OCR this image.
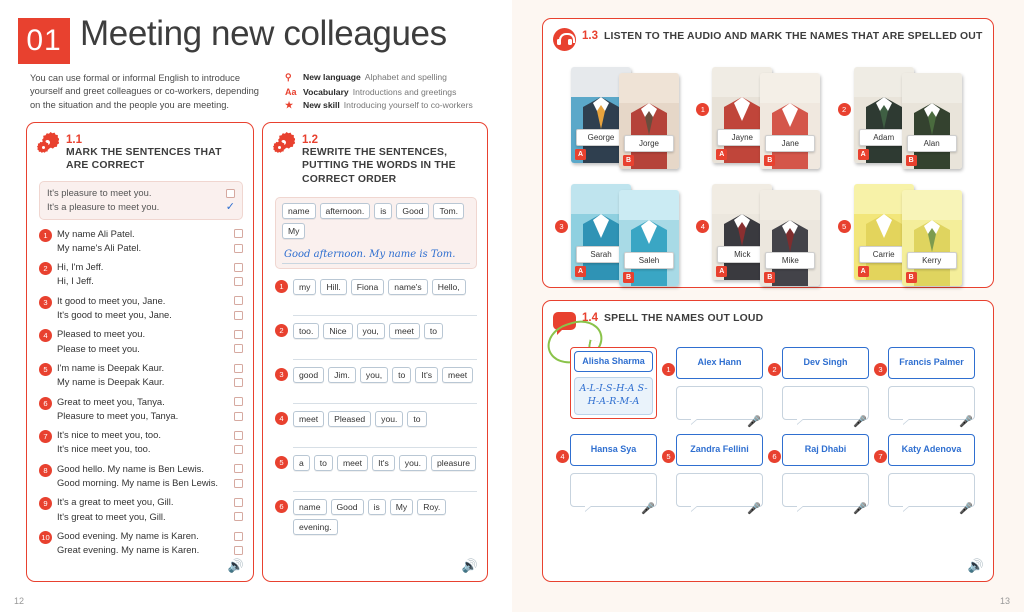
01 Meeting new colleagues
You can use formal or informal English to introduce yourself and greet colleagues or co-workers, depending on the situation and the people you are meeting.
⚲	New language Alphabet and spelling
Aa Vocabulary Introductions and greetings
★	New skill Introducing yourself to co-workers
1.1
MARK THE SENTENCES THAT ARE CORRECT
It's pleasure to meet you.
It's a pleasure to meet you.	✓
1 My name Ali Patel.
My name's Ali Patel.
2 Hi, I'm Jeff.
Hi, I Jeff.
3 It good to meet you, Jane.
It's good to meet you, Jane.
4 Pleased to meet you.
Please to meet you.
5 I'm name is Deepak Kaur.
My name is Deepak Kaur.
6 Great to meet you, Tanya.
Pleasure to meet you, Tanya.
7 It's nice to meet you, too.
It's nice meet you, too.
8 Good hello. My name is Ben Lewis.
Good morning. My name is Ben Lewis.
9 It's a great to meet you, Gill.
It's great to meet you, Gill.
10 Good evening. My name is Karen.
Great evening. My name is Karen.
🔊
1.2
REWRITE THE SENTENCES, PUTTING THE WORDS IN THE CORRECT ORDER
name	afternoon.	is	Good	Tom.
My
Good afternoon. My name is Tom.
1	my	Hill.	Fiona	name's	Hello,
2	too.	Nice	you,	meet	to
3	good	Jim.	you,	to	It's	meet
4	meet	Pleased	you.	to
5	a	to	meet	It's	you.	pleasure
6	name	Good	is	My	Roy.
evening.
🔊
12
1.3 LISTEN TO THE AUDIO AND MARK THE NAMES THAT ARE SPELLED OUT
George
A
Jorge
B
1
Jayne
A
Jane
B
2
Adam
A
Alan
B
3
Sarah
A
Saleh
B
4
Mick
A
Mike
B
5
Carrie
A
Kerry
B
1.4 SPELL THE NAMES OUT LOUD
Alisha Sharma
A-L-I-S-H-A S-H-A-R-M-A
1
Alex Hann
🎤
2
Dev Singh
🎤
3
Francis Palmer
🎤
4
Hansa Sya
🎤
5
Zandra Fellini
🎤
6
Raj Dhabi
🎤
7
Katy Adenova
🎤
🔊
13
